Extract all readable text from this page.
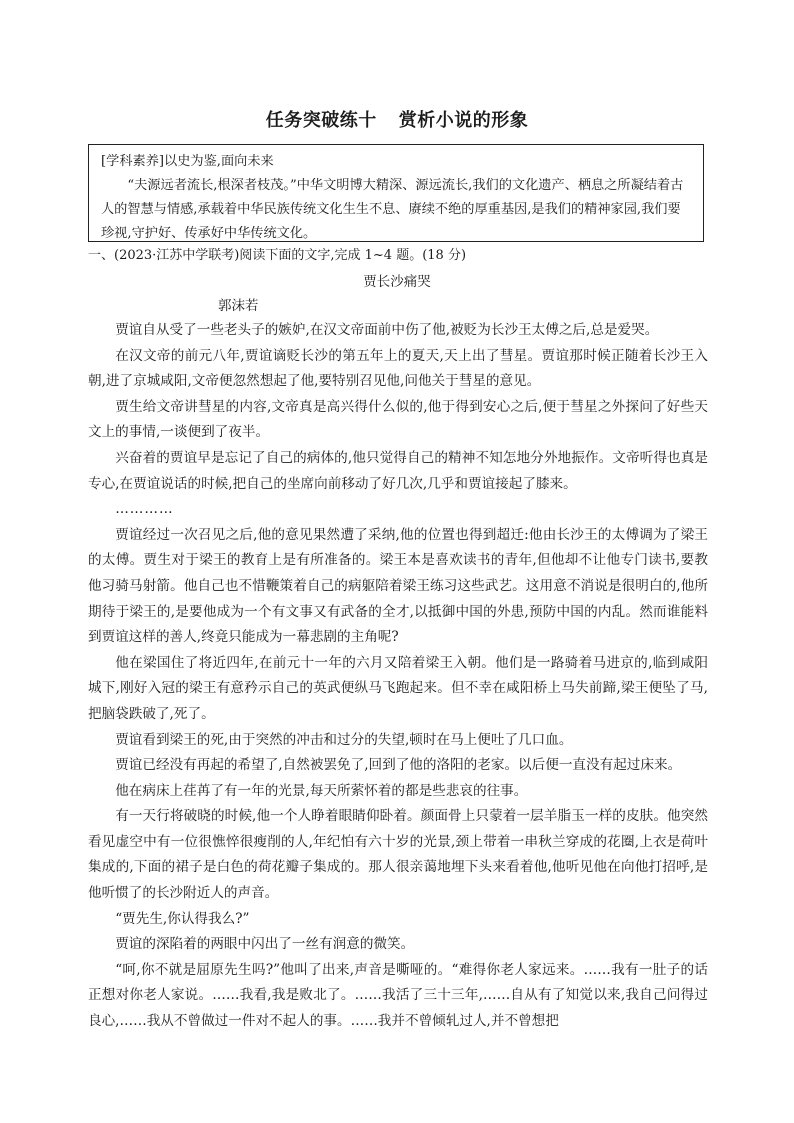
任务突破练十 赏析小说的形象

[学科素养]以史为鉴,面向未来

“夫源远者流长,根深者枝茂。”中华文明博大精深、源远流长,我们的文化遗产、栖息之所凝结着古人的智慧与情感,承载着中华民族传统文化生生不息、赓续不绝的厚重基因,是我们的精神家园,我们要珍视,守护好、传承好中华传统文化。

一、(2023·江苏中学联考)阅读下面的文字,完成 1~4 题。(18 分)
贾长沙痛哭
郭沫若

贾谊自从受了一些老头子的嫉妒,在汉文帝面前中伤了他,被贬为长沙王太傅之后,总是爱哭。

在汉文帝的前元八年,贾谊谪贬长沙的第五年上的夏天,天上出了彗星。贾谊那时候正随着长沙王入朝,进了京城咸阳,文帝便忽然想起了他,要特别召见他,问他关于彗星的意见。

贾生给文帝讲彗星的内容,文帝真是高兴得什么似的,他于得到安心之后,便于彗星之外探问了好些天文上的事情,一谈便到了夜半。

兴奋着的贾谊早是忘记了自己的病体的,他只觉得自己的精神不知怎地分外地振作。文帝听得也真是专心,在贾谊说话的时候,把自己的坐席向前移动了好几次,几乎和贾谊接起了膝来。

…………

贾谊经过一次召见之后,他的意见果然遭了采纳,他的位置也得到超迁:他由长沙王的太傅调为了梁王的太傅。贾生对于梁王的教育上是有所准备的。梁王本是喜欢读书的青年,但他却不让他专门读书,要教他习骑马射箭。他自己也不惜鞭策着自己的病躯陪着梁王练习这些武艺。这用意不消说是很明白的,他所期待于梁王的,是要他成为一个有文事又有武备的全才,以抵御中国的外患,预防中国的内乱。然而谁能料到贾谊这样的善人,终竟只能成为一幕悲剧的主角呢?

他在梁国住了将近四年,在前元十一年的六月又陪着梁王入朝。他们是一路骑着马进京的,临到咸阳城下,刚好入冠的梁王有意矜示自己的英武便纵马飞跑起来。但不幸在咸阳桥上马失前蹄,梁王便坠了马,把脑袋跌破了,死了。

贾谊看到梁王的死,由于突然的冲击和过分的失望,顿时在马上便吐了几口血。

贾谊已经没有再起的希望了,自然被罢免了,回到了他的洛阳的老家。以后便一直没有起过床来。

他在病床上荏苒了有一年的光景,每天所萦怀着的都是些悲哀的往事。

有一天行将破晓的时候,他一个人睁着眼睛仰卧着。颜面骨上只蒙着一层羊脂玉一样的皮肤。他突然看见虚空中有一位很憔悴很瘦削的人,年纪怕有六十岁的光景,颈上带着一串秋兰穿成的花圈,上衣是荷叶集成的,下面的裙子是白色的荷花瓣子集成的。那人很亲蔼地埋下头来看着他,他听见他在向他打招呼,是他听惯了的长沙附近人的声音。

“贾先生,你认得我么?”

贾谊的深陷着的两眼中闪出了一丝有润意的微笑。

“呵,你不就是屈原先生吗?”他叫了出来,声音是嘶哑的。“难得你老人家远来。……我有一肚子的话正想对你老人家说。……我看,我是败北了。……我活了三十三年,……自从有了知觉以来,我自己问得过良心,……我从不曾做过一件对不起人的事。……我并不曾倾轧过人,并不曾想把
